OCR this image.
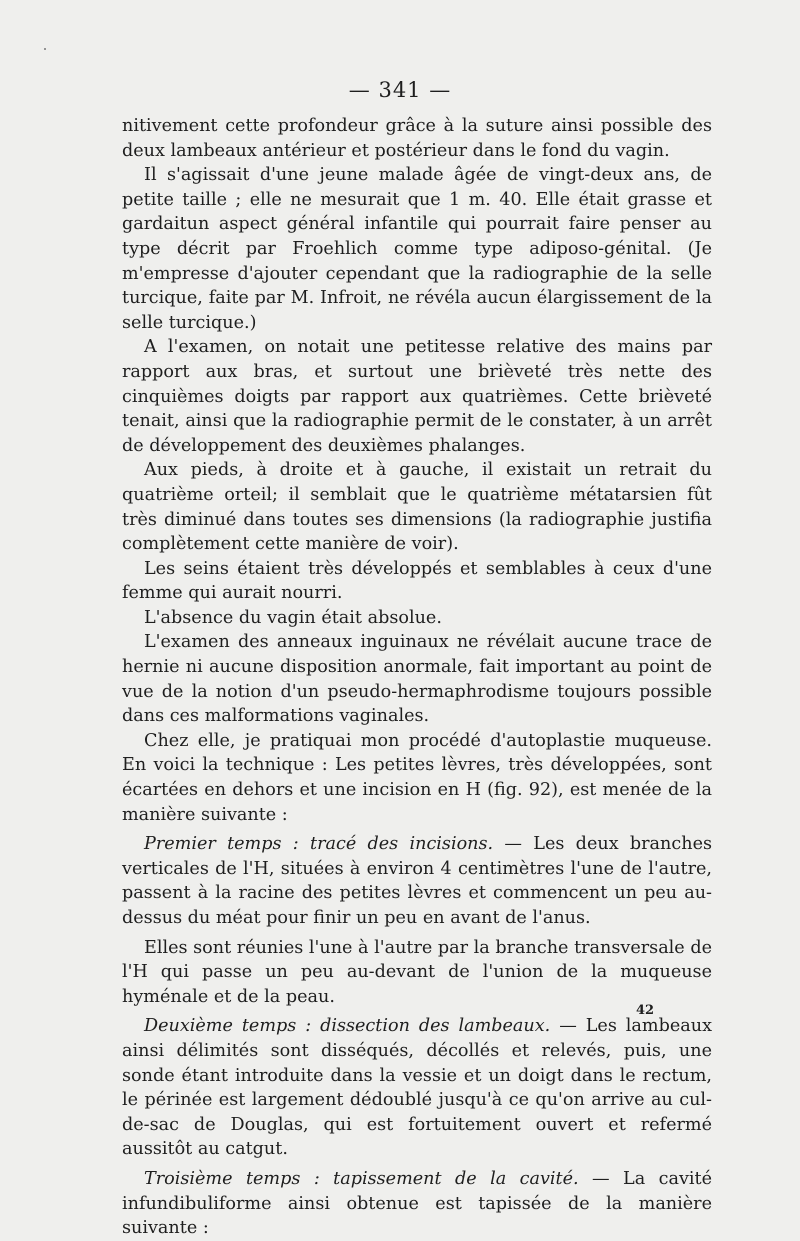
— 341 —

nitivement cette profondeur grâce à la suture ainsi possible des deux lambeaux antérieur et postérieur dans le fond du vagin.

Il s'agissait d'une jeune malade âgée de vingt-deux ans, de petite taille ; elle ne mesurait que 1 m. 40. Elle était grasse et gardaitun aspect général infantile qui pourrait faire penser au type décrit par Froehlich comme type adiposo-génital. (Je m'empresse d'ajouter cependant que la radiographie de la selle turcique, faite par M. Infroit, ne révéla aucun élargissement de la selle turcique.)

A l'examen, on notait une petitesse relative des mains par rapport aux bras, et surtout une brièveté très nette des cinquièmes doigts par rapport aux quatrièmes. Cette brièveté tenait, ainsi que la radiographie permit de le constater, à un arrêt de développement des deuxièmes phalanges.

Aux pieds, à droite et à gauche, il existait un retrait du quatrième orteil; il semblait que le quatrième métatarsien fût très diminué dans toutes ses dimensions (la radiographie justifia complètement cette manière de voir).

Les seins étaient très développés et semblables à ceux d'une femme qui aurait nourri.

L'absence du vagin était absolue.

L'examen des anneaux inguinaux ne révélait aucune trace de hernie ni aucune disposition anormale, fait important au point de vue de la notion d'un pseudo-hermaphrodisme toujours possible dans ces malformations vaginales.

Chez elle, je pratiquai mon procédé d'autoplastie muqueuse. En voici la technique : Les petites lèvres, très développées, sont écartées en dehors et une incision en H (fig. 92), est menée de la manière suivante :

Premier temps : tracé des incisions. — Les deux branches verticales de l'H, situées à environ 4 centimètres l'une de l'autre, passent à la racine des petites lèvres et commencent un peu au-dessus du méat pour finir un peu en avant de l'anus.

Elles sont réunies l'une à l'autre par la branche transversale de l'H qui passe un peu au-devant de l'union de la muqueuse hyménale et de la peau.

Deuxième temps : dissection des lambeaux. — Les lambeaux ainsi délimités sont disséqués, décollés et relevés, puis, une sonde étant introduite dans la vessie et un doigt dans le rectum, le périnée est largement dédoublé jusqu'à ce qu'on arrive au cul-de-sac de Douglas, qui est fortuitement ouvert et refermé aussitôt au catgut.

Troisième temps : tapissement de la cavité. — La cavité infundibuliforme ainsi obtenue est tapissée de la manière suivante :

42
